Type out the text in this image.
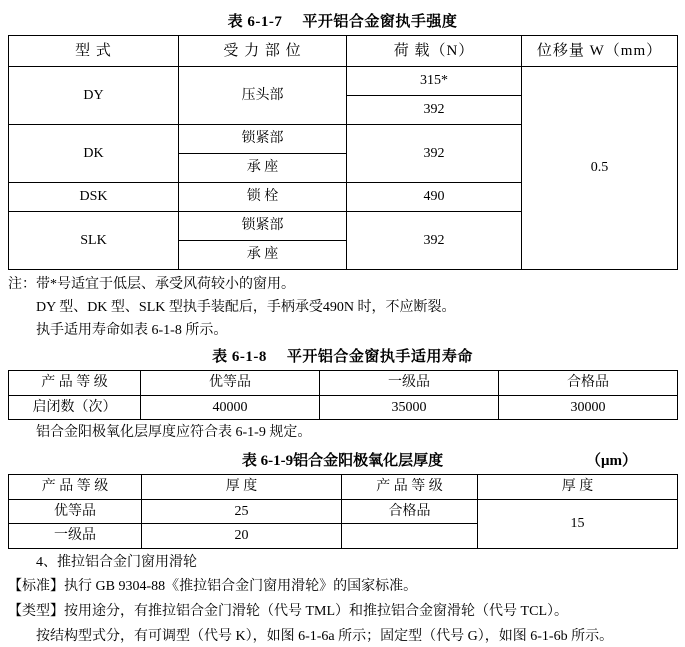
表 6-1-7 平开铝合金窗执手强度
型 式	受 力 部 位	荷 载（N）	位移量 W（mm）
DY	压头部	315*	0.5
		392	
DK	锁紧部	392	
	承 座		
DSK	锁 栓	490	
SLK	锁紧部	392	
	承 座		

注：带*号适宜于低层、承受风荷较小的窗用。

DY 型、DK 型、SLK 型执手装配后，手柄承受490N 时，不应断裂。

执手适用寿命如表 6-1-8 所示。

表 6-1-8 平开铝合金窗执手适用寿命
产 品 等 级	优等品	一级品	合格品
启闭数（次）	40000	35000	30000

铝合金阳极氧化层厚度应符合表 6-1-9 规定。

表 6-1-9铝合金阳极氧化层厚度	（μm）
产 品 等 级	厚 度	产 品 等 级	厚 度
优等品	25	合格品	15
一级品	20		

4、推拉铝合金门窗用滑轮

【标准】执行 GB 9304-88《推拉铝合金门窗用滑轮》的国家标准。

【类型】按用途分，有推拉铝合金门滑轮（代号 TML）和推拉铝合金窗滑轮（代号 TCL）。

按结构型式分，有可调型（代号 K），如图 6-1-6a 所示；固定型（代号 G），如图 6-1-6b 所示。
